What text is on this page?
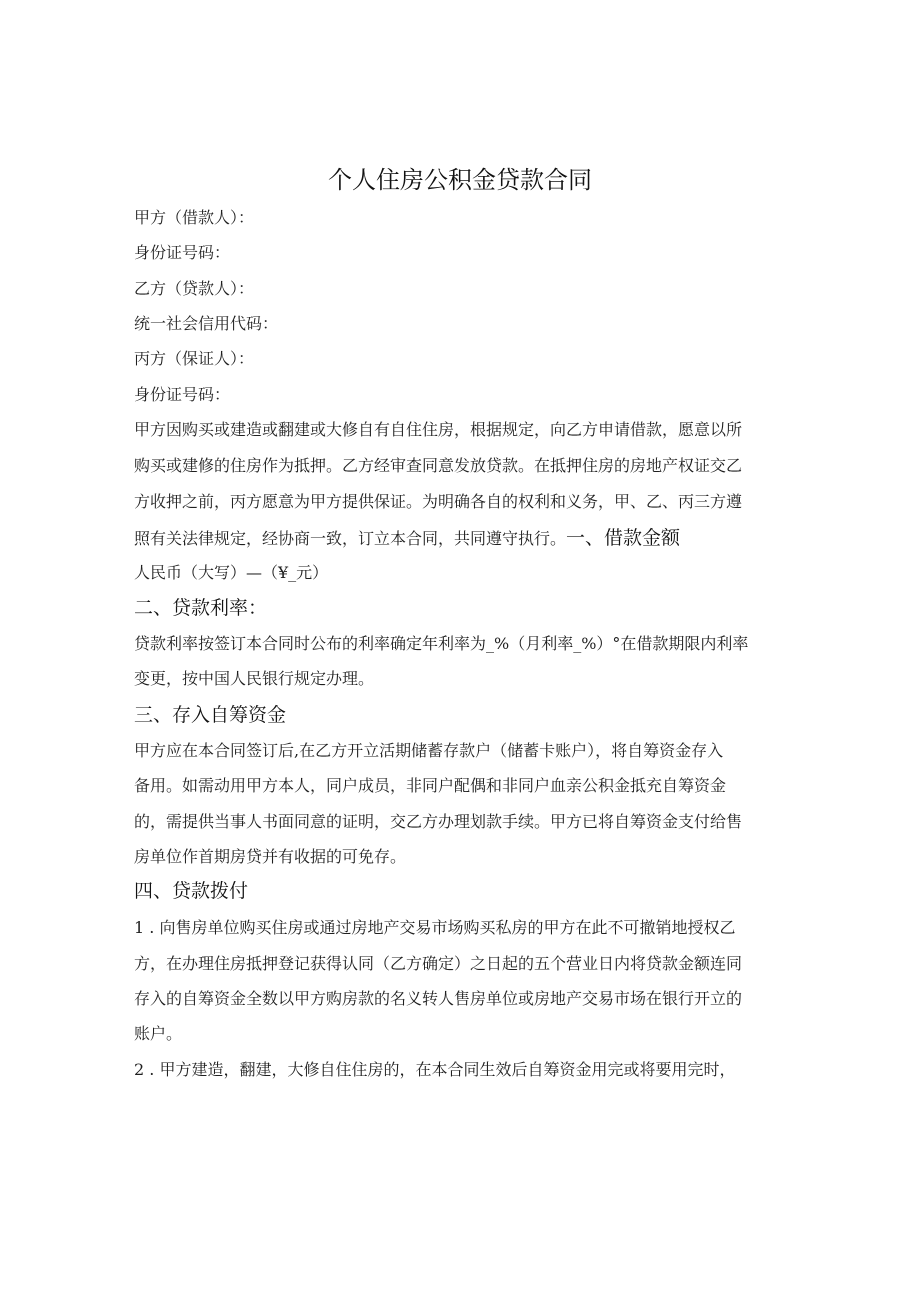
个人住房公积金贷款合同
甲方（借款人）：
身份证号码：
乙方（贷款人）：
统一社会信用代码：
丙方（保证人）：
身份证号码：
甲方因购买或建造或翻建或大修自有自住住房，根据规定，向乙方申请借款，愿意以所
购买或建修的住房作为抵押。乙方经审查同意发放贷款。在抵押住房的房地产权证交乙
方收押之前，丙方愿意为甲方提供保证。为明确各自的权利和义务，甲、乙、丙三方遵
照有关法律规定，经协商一致，订立本合同，共同遵守执行。一、借款金额
人民币（大写）—（¥_元）
二、贷款利率：
贷款利率按签订本合同时公布的利率确定年利率为_%（月利率_%）°在借款期限内利率
变更，按中国人民银行规定办理。
三、存入自筹资金
甲方应在本合同签订后,在乙方开立活期储蓄存款户（储蓄卡账户），将自筹资金存入
备用。如需动用甲方本人，同户成员，非同户配偶和非同户血亲公积金抵充自筹资金
的，需提供当事人书面同意的证明，交乙方办理划款手续。甲方已将自筹资金支付给售
房单位作首期房贷并有收据的可免存。
四、贷款拨付
1 . 向售房单位购买住房或通过房地产交易市场购买私房的甲方在此不可撤销地授权乙
方，在办理住房抵押登记获得认同（乙方确定）之日起的五个营业日内将贷款金额连同
存入的自筹资金全数以甲方购房款的名义转人售房单位或房地产交易市场在银行开立的
账户。
2 . 甲方建造，翻建，大修自住住房的，在本合同生效后自筹资金用完或将要用完时，
